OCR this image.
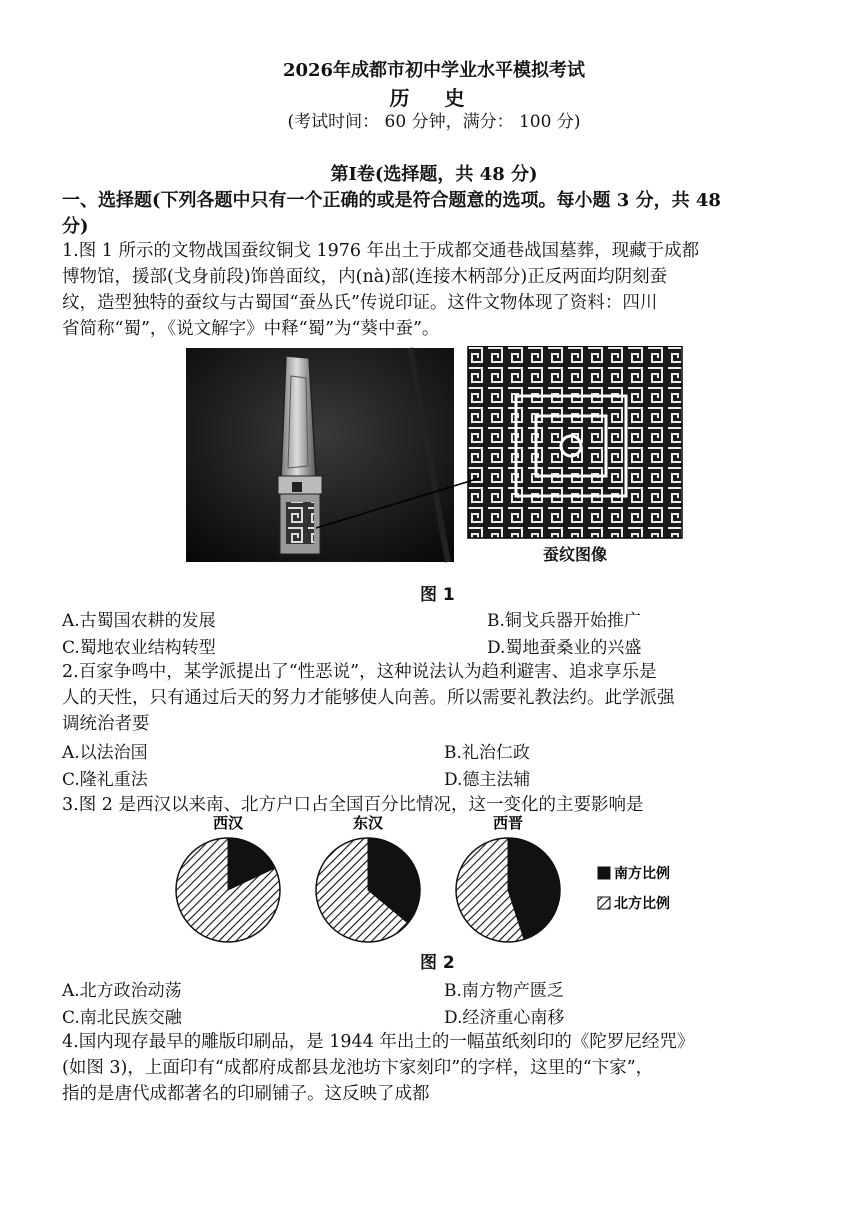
2026年成都市初中学业水平模拟考试
历 史
(考试时间： 60 分钟，满分： 100 分)
第Ⅰ卷(选择题，共 48 分)
一、选择题(下列各题中只有一个正确的或是符合题意的选项。每小题 3 分，共 48
分)
1.图 1 所示的文物战国蚕纹铜戈 1976 年出土于成都交通巷战国墓葬，现藏于成都
博物馆，援部(戈身前段)饰兽面纹，内(nà)部(连接木柄部分)正反两面均阴刻蚕
纹，造型独特的蚕纹与古蜀国“蚕丛氏”传说印证。这件文物体现了资料：四川
省简称“蜀”，《说文解字》中释“蜀”为“葵中蚕”。
蚕纹图像
图 1
A.古蜀国农耕的发展	B.铜戈兵器开始推广
C.蜀地农业结构转型	D.蜀地蚕桑业的兴盛
2.百家争鸣中，某学派提出了“性恶说”，这种说法认为趋利避害、追求享乐是
人的天性，只有通过后天的努力才能够使人向善。所以需要礼教法约。此学派强
调统治者要
A.以法治国	B.礼治仁政
C.隆礼重法	D.德主法辅
3.图 2 是西汉以来南、北方户口占全国百分比情况，这一变化的主要影响是
西汉	东汉	西晋
南方比例
北方比例
图 2
A.北方政治动荡	B.南方物产匮乏
C.南北民族交融	D.经济重心南移
4.国内现存最早的雕版印刷品，是 1944 年出土的一幅茧纸刻印的《陀罗尼经咒》
(如图 3)，上面印有“成都府成都县龙池坊卞家刻印”的字样，这里的“卞家”，
指的是唐代成都著名的印刷铺子。这反映了成都
